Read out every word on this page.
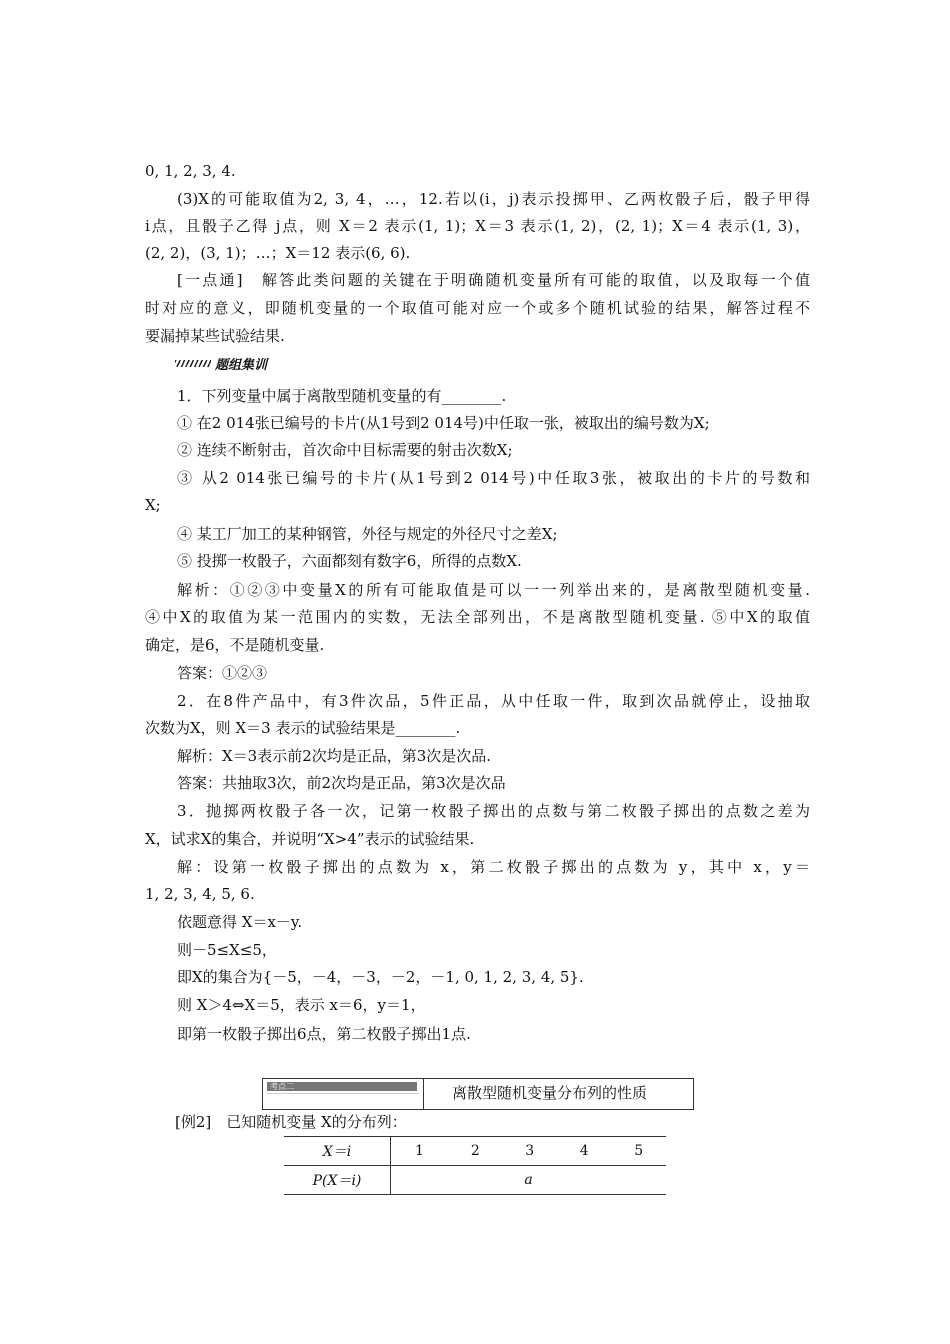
0, 1, 2, 3, 4.
(3)X的可能取值为2, 3, 4，…，12.若以(i，j)表示投掷甲、乙两枚骰子后，骰子甲得
i点，且骰子乙得 j点，则 X＝2 表示(1, 1)；X＝3 表示(1, 2)，(2, 1)；X＝4 表示(1, 3)，
(2, 2)，(3, 1)；…；X＝12 表示(6, 6).
[一点通]　解答此类问题的关键在于明确随机变量所有可能的取值，以及取每一个值
时对应的意义，即随机变量的一个取值可能对应一个或多个随机试验的结果，解答过程不
要漏掉某些试验结果.
1．下列变量中属于离散型随机变量的有________.
① 在2 014张已编号的卡片(从1号到2 014号)中任取一张，被取出的编号数为X;
② 连续不断射击，首次命中目标需要的射击次数X;
③ 从2 014张已编号的卡片(从1号到2 014号)中任取3张，被取出的卡片的号数和
X;
④ 某工厂加工的某种钢管，外径与规定的外径尺寸之差X;
⑤ 投掷一枚骰子，六面都刻有数字6，所得的点数X.
解析：①②③中变量X的所有可能取值是可以一一列举出来的，是离散型随机变量.
④中X的取值为某一范围内的实数，无法全部列出，不是离散型随机变量. ⑤中X的取值
确定，是6，不是随机变量.
答案：①②③
2．在8件产品中，有3件次品，5件正品，从中任取一件，取到次品就停止，设抽取
次数为X，则 X＝3 表示的试验结果是________.
解析：X＝3表示前2次均是正品，第3次是次品.
答案：共抽取3次，前2次均是正品，第3次是次品
3．抛掷两枚骰子各一次，记第一枚骰子掷出的点数与第二枚骰子掷出的点数之差为
X，试求X的集合，并说明“X>4”表示的试验结果.
解：设第一枚骰子掷出的点数为 x，第二枚骰子掷出的点数为 y，其中 x，y＝
1, 2, 3, 4, 5, 6.
依题意得 X＝x－y.
则－5≤X≤5，
即X的集合为{－5，－4，－3，－2，－1, 0, 1, 2, 3, 4, 5}.
则 X＞4⇔X＝5，表示 x＝6，y＝1，
即第一枚骰子掷出6点，第二枚骰子掷出1点.
题组集训
考点二	离散型随机变量分布列的性质
[例2]　已知随机变量 X的分布列：
X＝i	1	2	3	4	5
P(X＝i)	a				
